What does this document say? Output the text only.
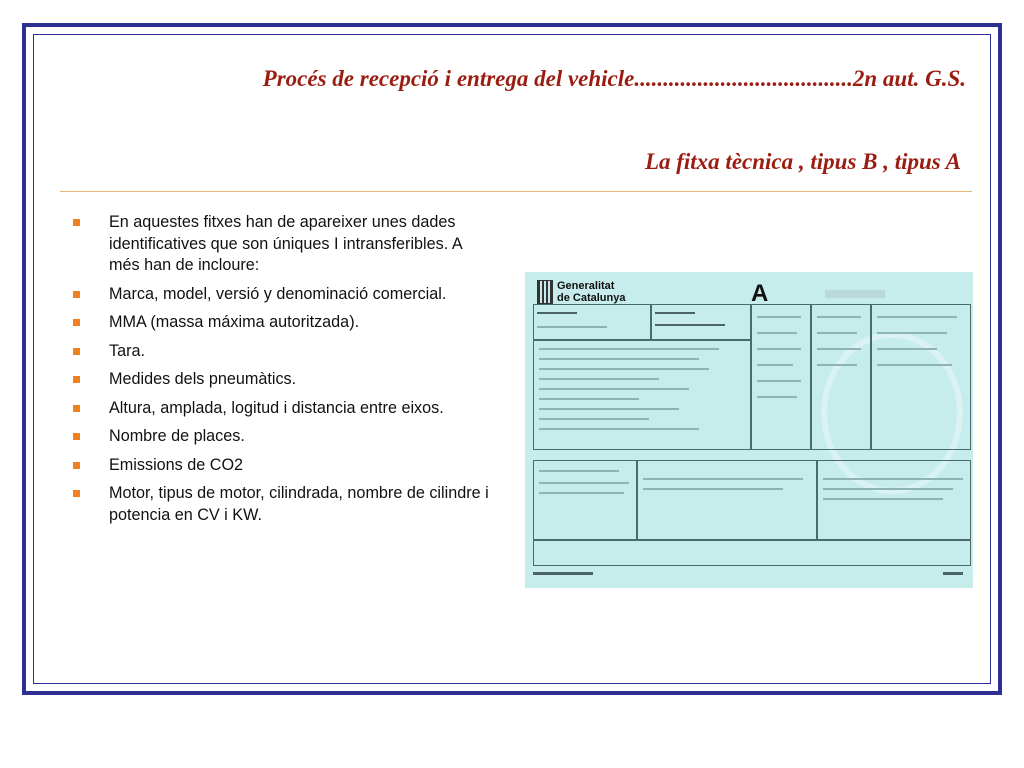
Procés de recepció i entrega del vehicle......................................2n aut. G.S.
La fitxa tècnica , tipus B , tipus A
En aquestes fitxes han de apareixer unes dades identificatives que son úniques I intransferibles. A més han de incloure:
Marca, model, versió y denominació comercial.
MMA (massa máxima autoritzada).
Tara.
Medides dels pneumàtics.
Altura, amplada, logitud i distancia entre eixos.
Nombre de places.
Emissions de CO2
Motor, tipus de motor, cilindrada, nombre de cilindre i potencia en CV i KW.
Generalitat
de Catalunya	A
